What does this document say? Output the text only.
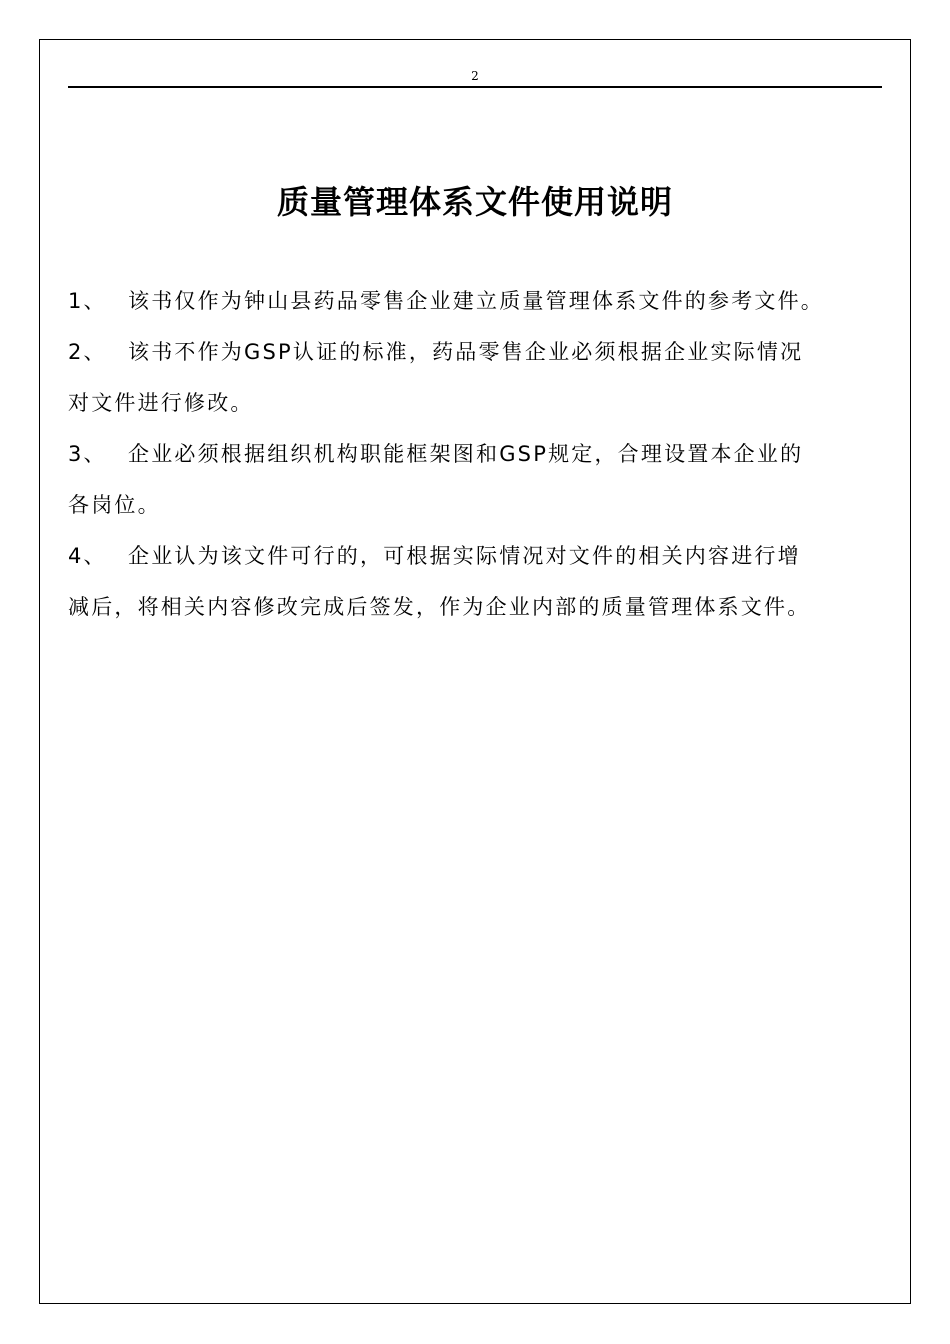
2
质量管理体系文件使用说明
1、 该书仅作为钟山县药品零售企业建立质量管理体系文件的参考文件。
2、 该书不作为GSP认证的标准，药品零售企业必须根据企业实际情况
对文件进行修改。
3、 企业必须根据组织机构职能框架图和GSP规定，合理设置本企业的
各岗位。
4、 企业认为该文件可行的，可根据实际情况对文件的相关内容进行增
减后，将相关内容修改完成后签发，作为企业内部的质量管理体系文件。
